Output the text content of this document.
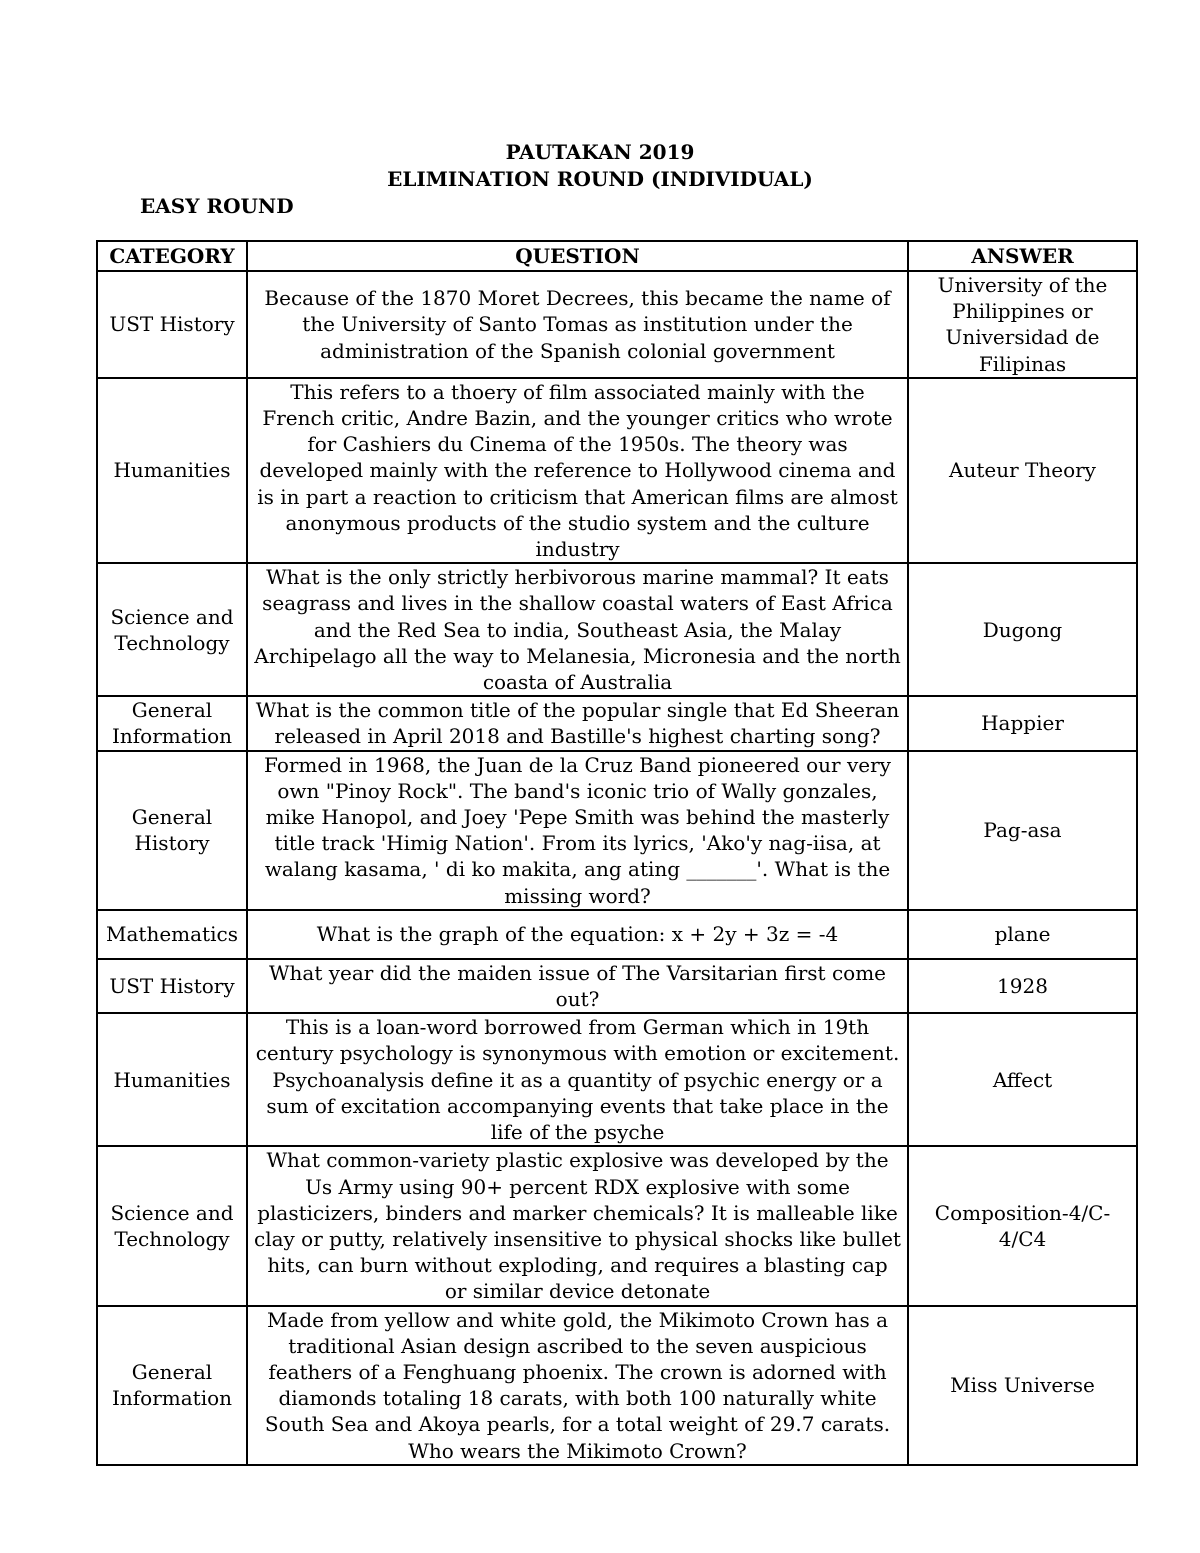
PAUTAKAN 2019
ELIMINATION ROUND (INDIVIDUAL)
EASY ROUND
CATEGORY	QUESTION	ANSWER
UST History	Because of the 1870 Moret Decrees, this became the name of the University of Santo Tomas as institution under the administration of the Spanish colonial government	University of the Philippines or Universidad de Filipinas
Humanities	This refers to a thoery of film associated mainly with the French critic, Andre Bazin, and the younger critics who wrote for Cashiers du Cinema of the 1950s. The theory was developed mainly with the reference to Hollywood cinema and is in part a reaction to criticism that American films are almost anonymous products of the studio system and the culture industry	Auteur Theory
Science and Technology	What is the only strictly herbivorous marine mammal? It eats seagrass and lives in the shallow coastal waters of East Africa and the Red Sea to india, Southeast Asia, the Malay Archipelago all the way to Melanesia, Micronesia and the north coasta of Australia	Dugong
General Information	What is the common title of the popular single that Ed Sheeran released in April 2018 and Bastille's highest charting song?	Happier
General History	Formed in 1968, the Juan de la Cruz Band pioneered our very own "Pinoy Rock". The band's iconic trio of Wally gonzales, mike Hanopol, and Joey 'Pepe Smith was behind the masterly title track 'Himig Nation'. From its lyrics, 'Ako'y nag-iisa, at walang kasama, ' di ko makita, ang ating _______'. What is the missing word?	Pag-asa
Mathematics	What is the graph of the equation: x + 2y + 3z = -4	plane
UST History	What year did the maiden issue of The Varsitarian first come out?	1928
Humanities	This is a loan-word borrowed from German which in 19th century psychology is synonymous with emotion or excitement. Psychoanalysis define it as a quantity of psychic energy or a sum of excitation accompanying events that take place in the life of the psyche	Affect
Science and Technology	What common-variety plastic explosive was developed by the Us Army using 90+ percent RDX explosive with some plasticizers, binders and marker chemicals? It is malleable like clay or putty, relatively insensitive to physical shocks like bullet hits, can burn without exploding, and requires a blasting cap or similar device detonate	Composition-4/C-4/C4
General Information	Made from yellow and white gold, the Mikimoto Crown has a traditional Asian design ascribed to the seven auspicious feathers of a Fenghuang phoenix. The crown is adorned with diamonds totaling 18 carats, with both 100 naturally white South Sea and Akoya pearls, for a total weight of 29.7 carats. Who wears the Mikimoto Crown?	Miss Universe
